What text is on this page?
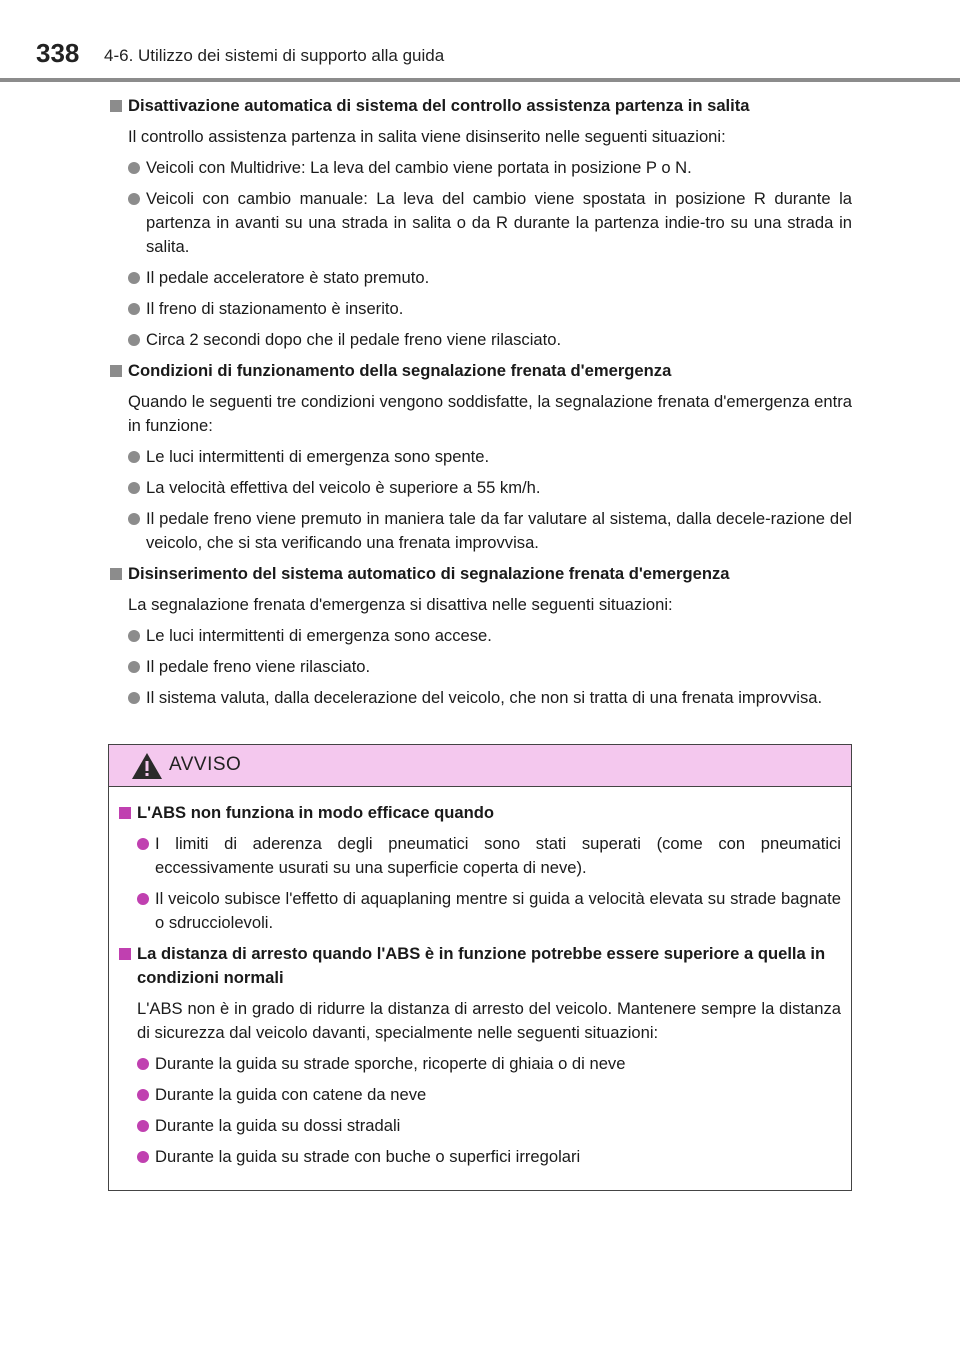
338 4-6. Utilizzo dei sistemi di supporto alla guida
Disattivazione automatica di sistema del controllo assistenza partenza in salita

Il controllo assistenza partenza in salita viene disinserito nelle seguenti situazioni:

Veicoli con Multidrive: La leva del cambio viene portata in posizione P o N.
Veicoli con cambio manuale: La leva del cambio viene spostata in posizione R durante la partenza in avanti su una strada in salita o da R durante la partenza indie-tro su una strada in salita.
Il pedale acceleratore è stato premuto.
Il freno di stazionamento è inserito.
Circa 2 secondi dopo che il pedale freno viene rilasciato.
Condizioni di funzionamento della segnalazione frenata d'emergenza

Quando le seguenti tre condizioni vengono soddisfatte, la segnalazione frenata d'emergenza entra in funzione:

Le luci intermittenti di emergenza sono spente.
La velocità effettiva del veicolo è superiore a 55 km/h.
Il pedale freno viene premuto in maniera tale da far valutare al sistema, dalla decele-razione del veicolo, che si sta verificando una frenata improvvisa.
Disinserimento del sistema automatico di segnalazione frenata d'emergenza

La segnalazione frenata d'emergenza si disattiva nelle seguenti situazioni:

Le luci intermittenti di emergenza sono accese.
Il pedale freno viene rilasciato.
Il sistema valuta, dalla decelerazione del veicolo, che non si tratta di una frenata improvvisa.
AVVISO
L'ABS non funziona in modo efficace quando
I limiti di aderenza degli pneumatici sono stati superati (come con pneumatici eccessivamente usurati su una superficie coperta di neve).
Il veicolo subisce l'effetto di aquaplaning mentre si guida a velocità elevata su strade bagnate o sdrucciolevoli.
La distanza di arresto quando l'ABS è in funzione potrebbe essere superiore a quella in condizioni normali

L'ABS non è in grado di ridurre la distanza di arresto del veicolo. Mantenere sempre la distanza di sicurezza dal veicolo davanti, specialmente nelle seguenti situazioni:

Durante la guida su strade sporche, ricoperte di ghiaia o di neve
Durante la guida con catene da neve
Durante la guida su dossi stradali
Durante la guida su strade con buche o superfici irregolari
